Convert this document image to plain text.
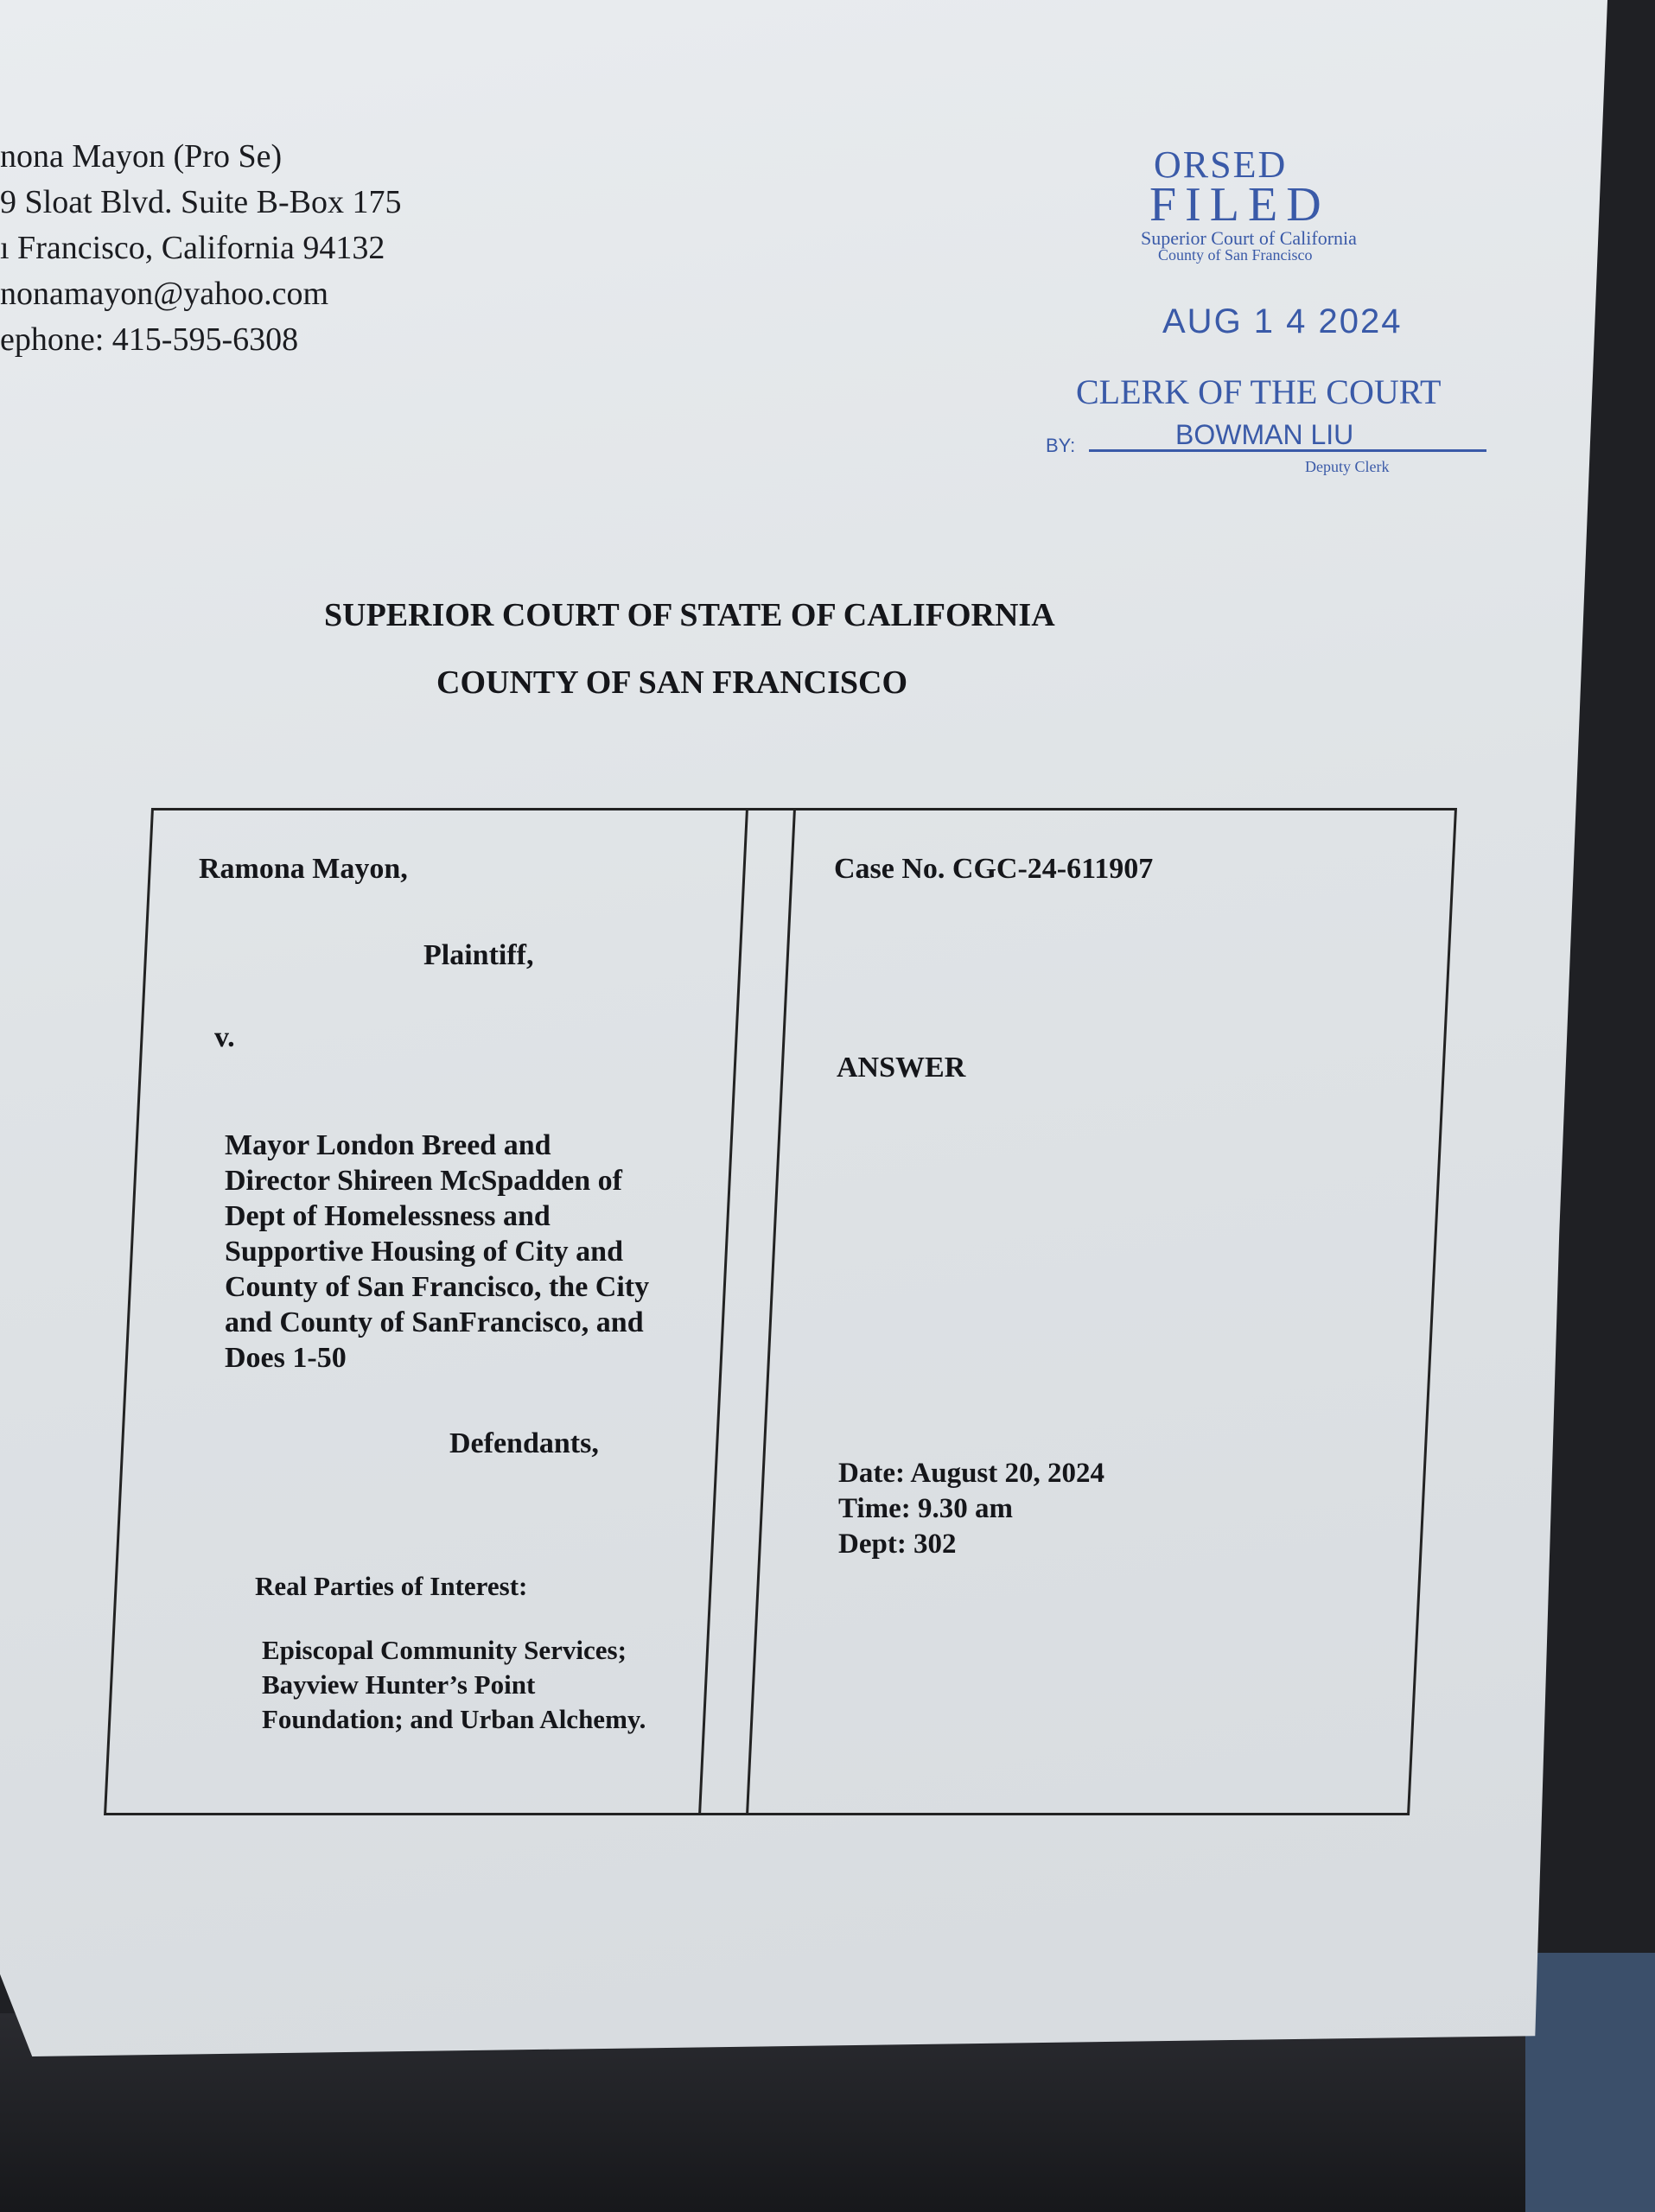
nona Mayon (Pro Se)
9 Sloat Blvd. Suite B-Box 175
ı Francisco, California 94132
nonamayon@yahoo.com
ephone: 415-595-6308
ORSED
FILED
Superior Court of California
County of San Francisco
AUG 1 4 2024
CLERK OF THE COURT
BY:	BOWMAN LIU
Deputy Clerk
SUPERIOR COURT OF STATE OF CALIFORNIA
COUNTY OF SAN FRANCISCO
Ramona Mayon,
Plaintiff,
v.
Mayor London Breed and
Director Shireen McSpadden of
Dept of Homelessness and
Supportive Housing of City and
County of San Francisco, the City
and County of SanFrancisco, and
Does 1-50
Defendants,
Real Parties of Interest:
Episcopal Community Services;
Bayview Hunter’s Point
Foundation; and Urban Alchemy.
Case No. CGC-24-611907
ANSWER
Date: August 20, 2024
Time: 9.30 am
Dept: 302
